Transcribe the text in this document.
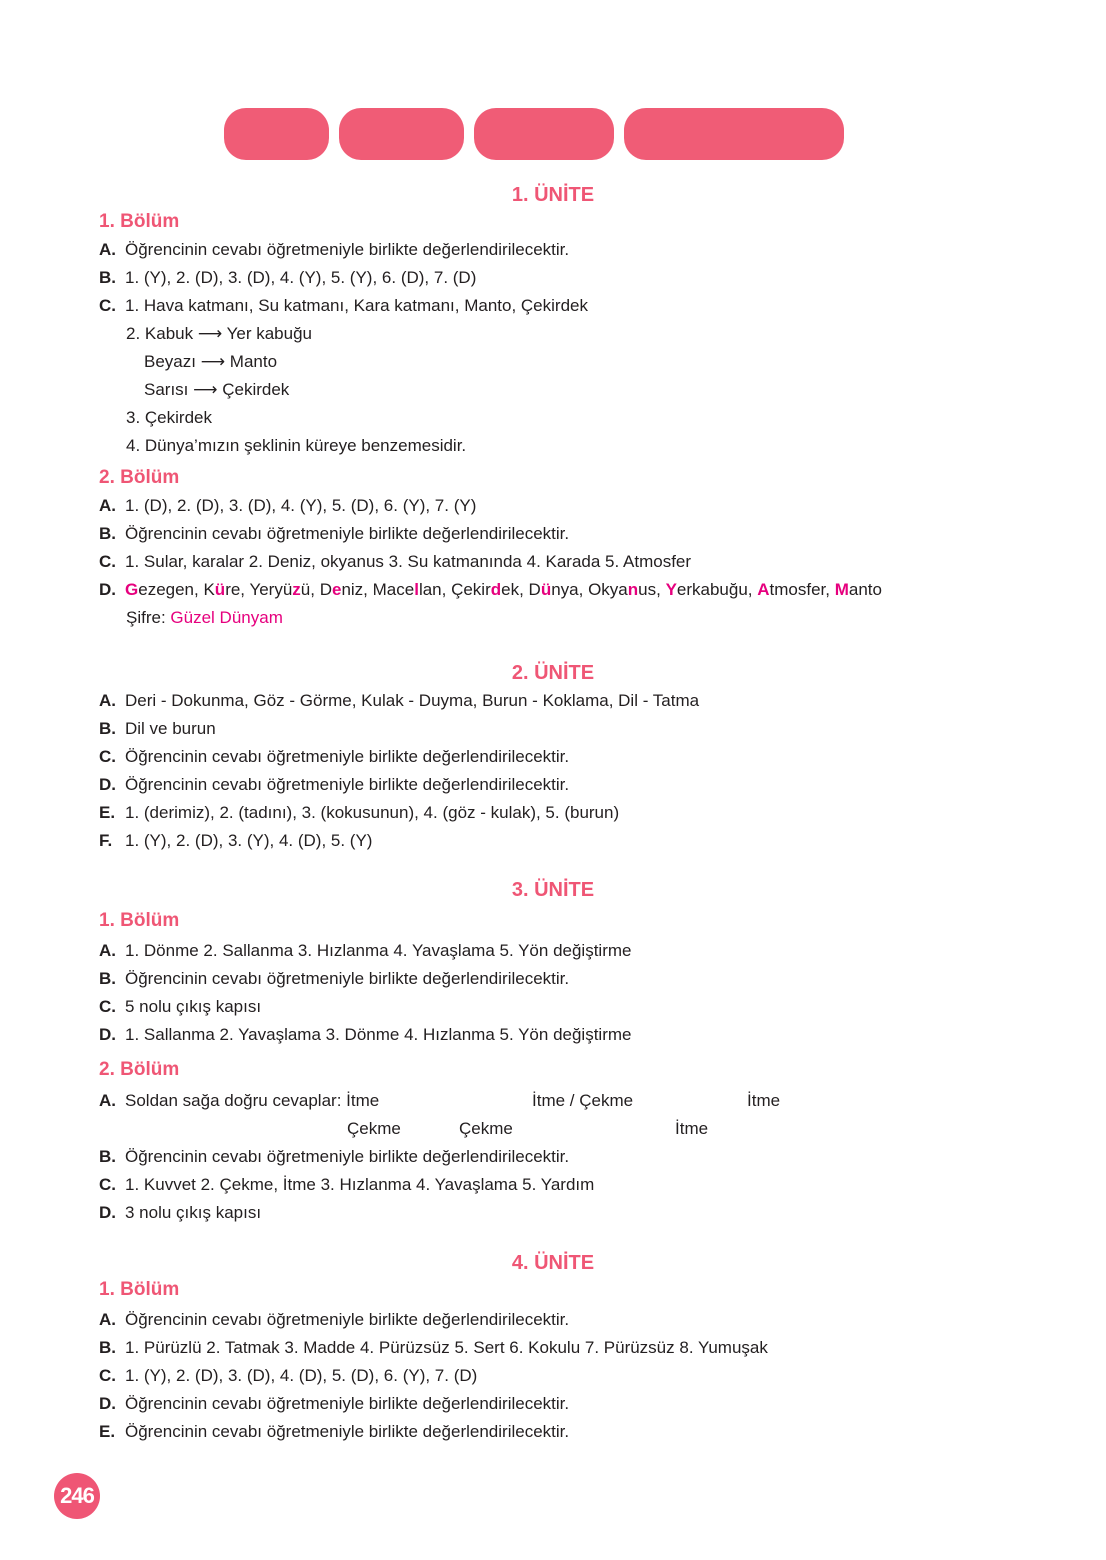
1. ÜNİTE
1. Bölüm
A. Öğrencinin cevabı öğretmeniyle birlikte değerlendirilecektir.
B. 1. (Y), 2. (D), 3. (D), 4. (Y), 5. (Y), 6. (D), 7. (D)
C. 1. Hava katmanı, Su katmanı, Kara katmanı, Manto, Çekirdek
2. Kabuk ⟶ Yer kabuğu
Beyazı ⟶ Manto
Sarısı ⟶ Çekirdek
3. Çekirdek
4. Dünya’mızın şeklinin küreye benzemesidir.
2. Bölüm
A. 1. (D), 2. (D), 3. (D), 4. (Y), 5. (D), 6. (Y), 7. (Y)
B. Öğrencinin cevabı öğretmeniyle birlikte değerlendirilecektir.
C. 1. Sular, karalar 2. Deniz, okyanus 3. Su katmanında 4. Karada 5. Atmosfer
D. Gezegen, Küre, Yeryüzü, Deniz, Macellan, Çekirdek, Dünya, Okyanus, Yerkabuğu, Atmosfer, Manto
Şifre: Güzel Dünyam
2. ÜNİTE
A. Deri - Dokunma, Göz - Görme, Kulak - Duyma, Burun - Koklama, Dil - Tatma
B. Dil ve burun
C. Öğrencinin cevabı öğretmeniyle birlikte değerlendirilecektir.
D. Öğrencinin cevabı öğretmeniyle birlikte değerlendirilecektir.
E. 1. (derimiz), 2. (tadını), 3. (kokusunun), 4. (göz - kulak), 5. (burun)
F. 1. (Y), 2. (D), 3. (Y), 4. (D), 5. (Y)
3. ÜNİTE
1. Bölüm
A. 1. Dönme 2. Sallanma 3. Hızlanma 4. Yavaşlama 5. Yön değiştirme
B. Öğrencinin cevabı öğretmeniyle birlikte değerlendirilecektir.
C. 5 nolu çıkış kapısı
D. 1. Sallanma 2. Yavaşlama 3. Dönme 4. Hızlanma 5. Yön değiştirme
2. Bölüm
A. Soldan sağa doğru cevaplar: İtme	İtme / Çekme	İtme
Çekme	Çekme	İtme
B. Öğrencinin cevabı öğretmeniyle birlikte değerlendirilecektir.
C. 1. Kuvvet 2. Çekme, İtme 3. Hızlanma 4. Yavaşlama 5. Yardım
D. 3 nolu çıkış kapısı
4. ÜNİTE
1. Bölüm
A. Öğrencinin cevabı öğretmeniyle birlikte değerlendirilecektir.
B. 1. Pürüzlü 2. Tatmak 3. Madde 4. Pürüzsüz 5. Sert 6. Kokulu 7. Pürüzsüz 8. Yumuşak
C. 1. (Y), 2. (D), 3. (D), 4. (D), 5. (D), 6. (Y), 7. (D)
D. Öğrencinin cevabı öğretmeniyle birlikte değerlendirilecektir.
E. Öğrencinin cevabı öğretmeniyle birlikte değerlendirilecektir.
246
